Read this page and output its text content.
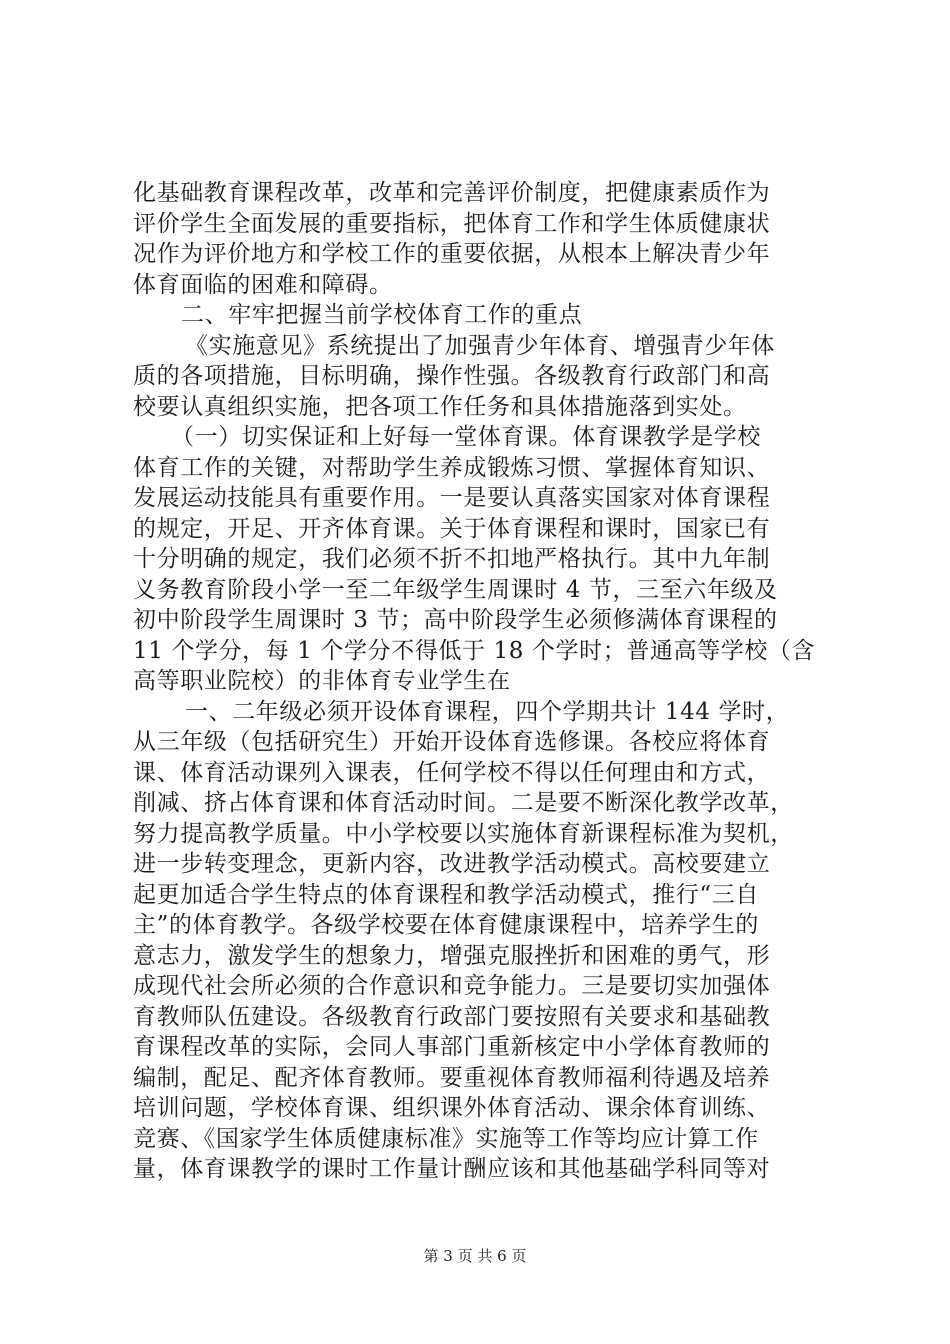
化基础教育课程改革，改革和完善评价制度，把健康素质作为
评价学生全面发展的重要指标，把体育工作和学生体质健康状
况作为评价地方和学校工作的重要依据，从根本上解决青少年
体育面临的困难和障碍。
二、牢牢把握当前学校体育工作的重点
《实施意见》系统提出了加强青少年体育、增强青少年体
质的各项措施，目标明确，操作性强。各级教育行政部门和高
校要认真组织实施，把各项工作任务和具体措施落到实处。
（一）切实保证和上好每一堂体育课。体育课教学是学校
体育工作的关键，对帮助学生养成锻炼习惯、掌握体育知识、
发展运动技能具有重要作用。一是要认真落实国家对体育课程
的规定，开足、开齐体育课。关于体育课程和课时，国家已有
十分明确的规定，我们必须不折不扣地严格执行。其中九年制
义务教育阶段小学一至二年级学生周课时 4 节，三至六年级及
初中阶段学生周课时 3 节；高中阶段学生必须修满体育课程的
11 个学分，每 1 个学分不得低于 18 个学时；普通高等学校（含
高等职业院校）的非体育专业学生在
一、二年级必须开设体育课程，四个学期共计 144 学时，
从三年级（包括研究生）开始开设体育选修课。各校应将体育
课、体育活动课列入课表，任何学校不得以任何理由和方式，
削减、挤占体育课和体育活动时间。二是要不断深化教学改革，
努力提高教学质量。中小学校要以实施体育新课程标准为契机，
进一步转变理念，更新内容，改进教学活动模式。高校要建立
起更加适合学生特点的体育课程和教学活动模式，推行“三自
主”的体育教学。各级学校要在体育健康课程中，培养学生的
意志力，激发学生的想象力，增强克服挫折和困难的勇气，形
成现代社会所必须的合作意识和竞争能力。三是要切实加强体
育教师队伍建设。各级教育行政部门要按照有关要求和基础教
育课程改革的实际，会同人事部门重新核定中小学体育教师的
编制，配足、配齐体育教师。要重视体育教师福利待遇及培养
培训问题，学校体育课、组织课外体育活动、课余体育训练、
竞赛、《国家学生体质健康标准》实施等工作等均应计算工作
量，体育课教学的课时工作量计酬应该和其他基础学科同等对
第 3 页 共 6 页
